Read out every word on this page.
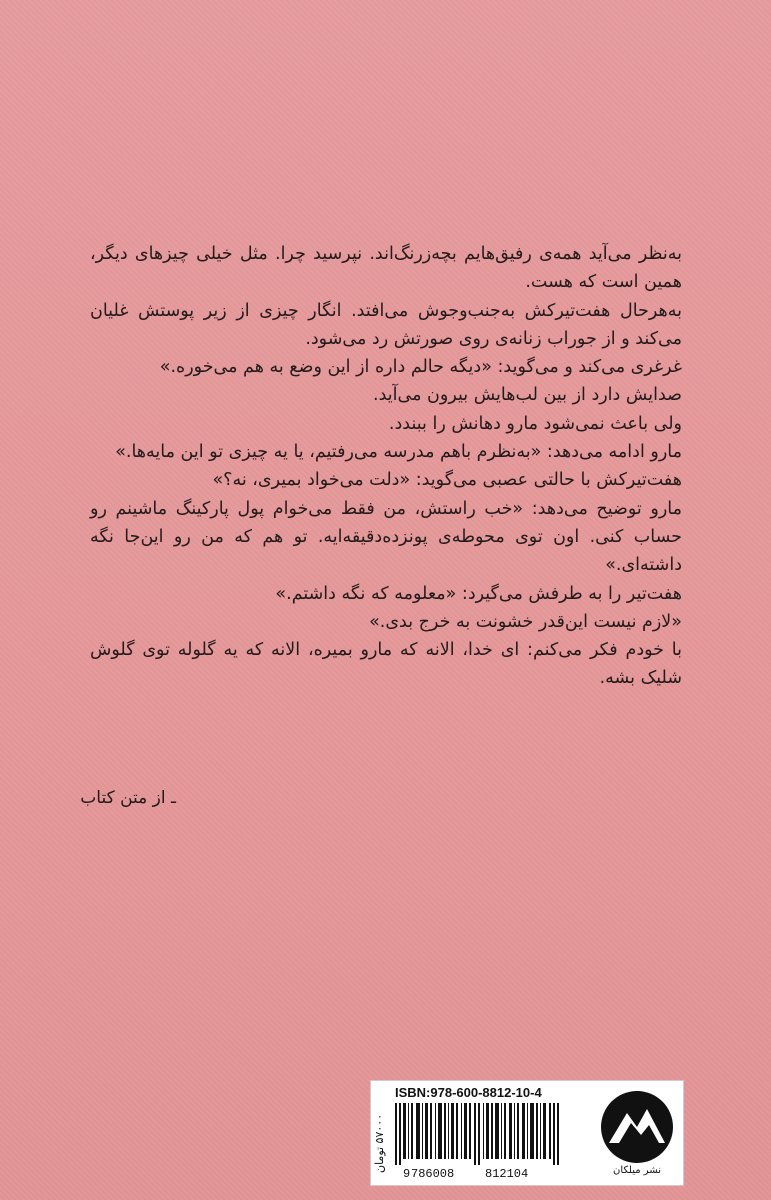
به‌نظر می‌آید همه‌ی رفیق‌هایم بچه‌زرنگ‌اند. نپرسید چرا. مثل خیلی چیزهای دیگر، همین است که هست.

به‌هرحال هفت‌تیرکش به‌جنب‌وجوش می‌افتد. انگار چیزی از زیر پوستش غلیان می‌کند و از جوراب زنانه‌ی روی صورتش رد می‌شود.

غرغری می‌کند و می‌گوید: «دیگه حالم داره از این وضع به هم می‌خوره.»

صدایش دارد از بین لب‌هایش بیرون می‌آید.

ولی باعث نمی‌شود مارو دهانش را ببندد.

مارو ادامه می‌دهد: «به‌نظرم باهم مدرسه می‌رفتیم، یا یه چیزی تو این مایه‌ها.»

هفت‌تیرکش با حالتی عصبی می‌گوید: «دلت می‌خواد بمیری، نه؟»

مارو توضیح می‌دهد: «خب راستش، من فقط می‌خوام پول پارکینگ ماشینم رو حساب کنی. اون توی محوطه‌ی پونزده‌دقیقه‌ایه. تو هم که من رو این‌جا نگه داشته‌ای.»

هفت‌تیر را به طرفش می‌گیرد: «معلومه که نگه داشتم.»

«لازم نیست این‌قدر خشونت به خرج بدی.»

با خودم فکر می‌کنم: ای خدا، الانه که مارو بمیره، الانه که یه گلوله توی گلوش شلیک بشه.

ـ از متن کتاب
۵۷۰۰۰ تومان
ISBN:978-600-8812-10-4
9 786008	812104	نشر میلکان
